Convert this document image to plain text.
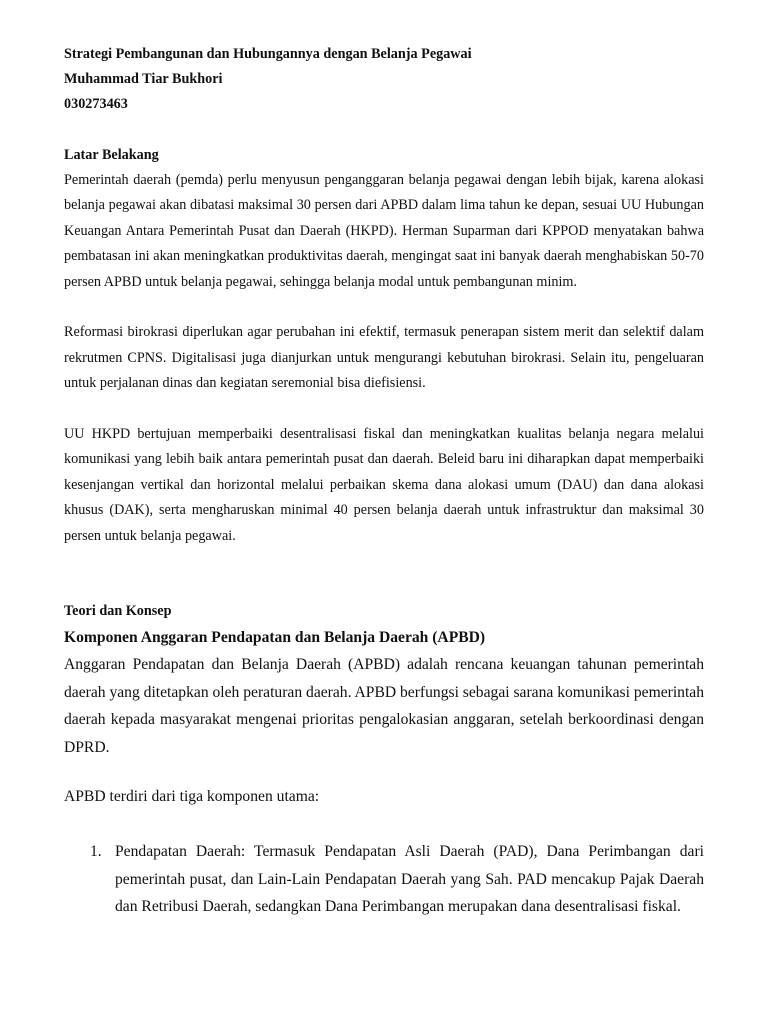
Strategi Pembangunan dan Hubungannya dengan Belanja Pegawai
Muhammad Tiar Bukhori
030273463
Latar Belakang

Pemerintah daerah (pemda) perlu menyusun penganggaran belanja pegawai dengan lebih bijak, karena alokasi belanja pegawai akan dibatasi maksimal 30 persen dari APBD dalam lima tahun ke depan, sesuai UU Hubungan Keuangan Antara Pemerintah Pusat dan Daerah (HKPD). Herman Suparman dari KPPOD menyatakan bahwa pembatasan ini akan meningkatkan produktivitas daerah, mengingat saat ini banyak daerah menghabiskan 50-70 persen APBD untuk belanja pegawai, sehingga belanja modal untuk pembangunan minim.

Reformasi birokrasi diperlukan agar perubahan ini efektif, termasuk penerapan sistem merit dan selektif dalam rekrutmen CPNS. Digitalisasi juga dianjurkan untuk mengurangi kebutuhan birokrasi. Selain itu, pengeluaran untuk perjalanan dinas dan kegiatan seremonial bisa diefisiensi.

UU HKPD bertujuan memperbaiki desentralisasi fiskal dan meningkatkan kualitas belanja negara melalui komunikasi yang lebih baik antara pemerintah pusat dan daerah. Beleid baru ini diharapkan dapat memperbaiki kesenjangan vertikal dan horizontal melalui perbaikan skema dana alokasi umum (DAU) dan dana alokasi khusus (DAK), serta mengharuskan minimal 40 persen belanja daerah untuk infrastruktur dan maksimal 30 persen untuk belanja pegawai.

Teori dan Konsep
Komponen Anggaran Pendapatan dan Belanja Daerah (APBD)

Anggaran Pendapatan dan Belanja Daerah (APBD) adalah rencana keuangan tahunan pemerintah daerah yang ditetapkan oleh peraturan daerah. APBD berfungsi sebagai sarana komunikasi pemerintah daerah kepada masyarakat mengenai prioritas pengalokasian anggaran, setelah berkoordinasi dengan DPRD.

APBD terdiri dari tiga komponen utama:

1. Pendapatan Daerah: Termasuk Pendapatan Asli Daerah (PAD), Dana Perimbangan dari pemerintah pusat, dan Lain-Lain Pendapatan Daerah yang Sah. PAD mencakup Pajak Daerah dan Retribusi Daerah, sedangkan Dana Perimbangan merupakan dana desentralisasi fiskal.
